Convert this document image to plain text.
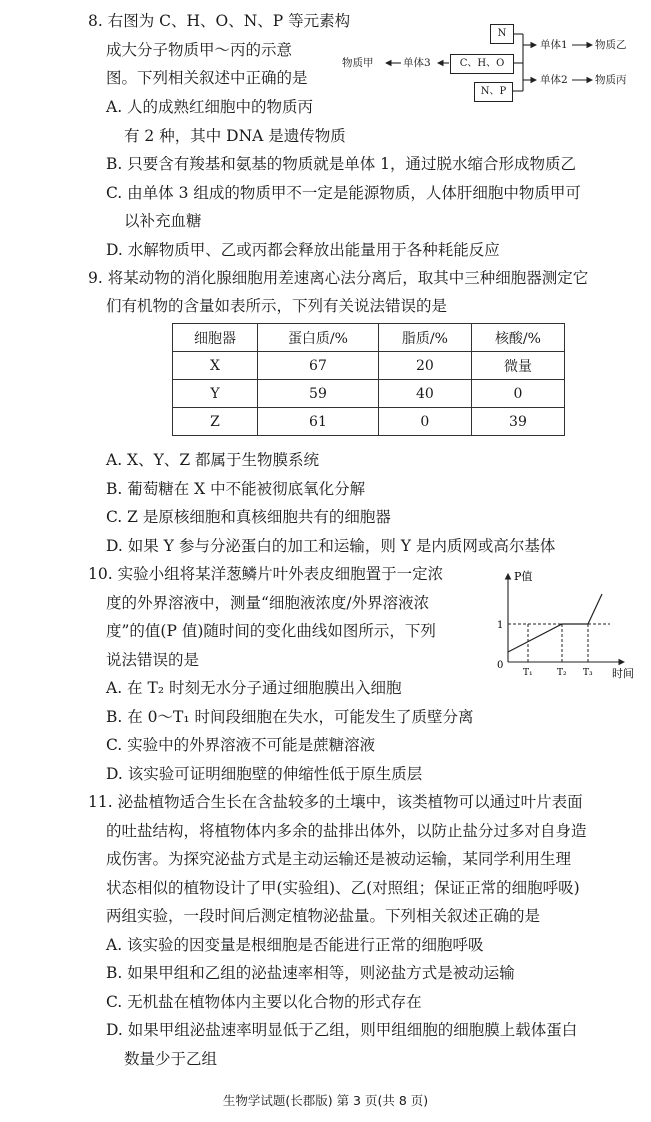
8. 右图为 C、H、O、N、P 等元素构
成大分子物质甲～丙的示意
图。下列相关叙述中正确的是
A. 人的成熟红细胞中的物质丙
有 2 种，其中 DNA 是遗传物质
B. 只要含有羧基和氨基的物质就是单体 1，通过脱水缩合形成物质乙
C. 由单体 3 组成的物质甲不一定是能源物质，人体肝细胞中物质甲可
以补充血糖
D. 水解物质甲、乙或丙都会释放出能量用于各种耗能反应
N
C、H、O
N、P
物质甲	单体3
单体1	物质乙
单体2	物质丙
9. 将某动物的消化腺细胞用差速离心法分离后，取其中三种细胞器测定它
们有机物的含量如表所示，下列有关说法错误的是
细胞器	蛋白质/%	脂质/%	核酸/%
X	67	20	微量
Y	59	40	0
Z	61	0	39
A. X、Y、Z 都属于生物膜系统
B. 葡萄糖在 X 中不能被彻底氧化分解
C. Z 是原核细胞和真核细胞共有的细胞器
D. 如果 Y 参与分泌蛋白的加工和运输，则 Y 是内质网或高尔基体
10. 实验小组将某洋葱鳞片叶外表皮细胞置于一定浓
度的外界溶液中，测量“细胞液浓度/外界溶液浓
度”的值(P 值)随时间的变化曲线如图所示，下列
说法错误的是
P值
时间
1
0
T₁	T₂ T₃
A. 在 T₂ 时刻无水分子通过细胞膜出入细胞
B. 在 0～T₁ 时间段细胞在失水，可能发生了质壁分离
C. 实验中的外界溶液不可能是蔗糖溶液
D. 该实验可证明细胞壁的伸缩性低于原生质层
11. 泌盐植物适合生长在含盐较多的土壤中，该类植物可以通过叶片表面
的吐盐结构，将植物体内多余的盐排出体外，以防止盐分过多对自身造
成伤害。为探究泌盐方式是主动运输还是被动运输，某同学利用生理
状态相似的植物设计了甲(实验组)、乙(对照组；保证正常的细胞呼吸)
两组实验，一段时间后测定植物泌盐量。下列相关叙述正确的是
A. 该实验的因变量是根细胞是否能进行正常的细胞呼吸
B. 如果甲组和乙组的泌盐速率相等，则泌盐方式是被动运输
C. 无机盐在植物体内主要以化合物的形式存在
D. 如果甲组泌盐速率明显低于乙组，则甲组细胞的细胞膜上载体蛋白
数量少于乙组
生物学试题(长郡版) 第 3 页(共 8 页)
